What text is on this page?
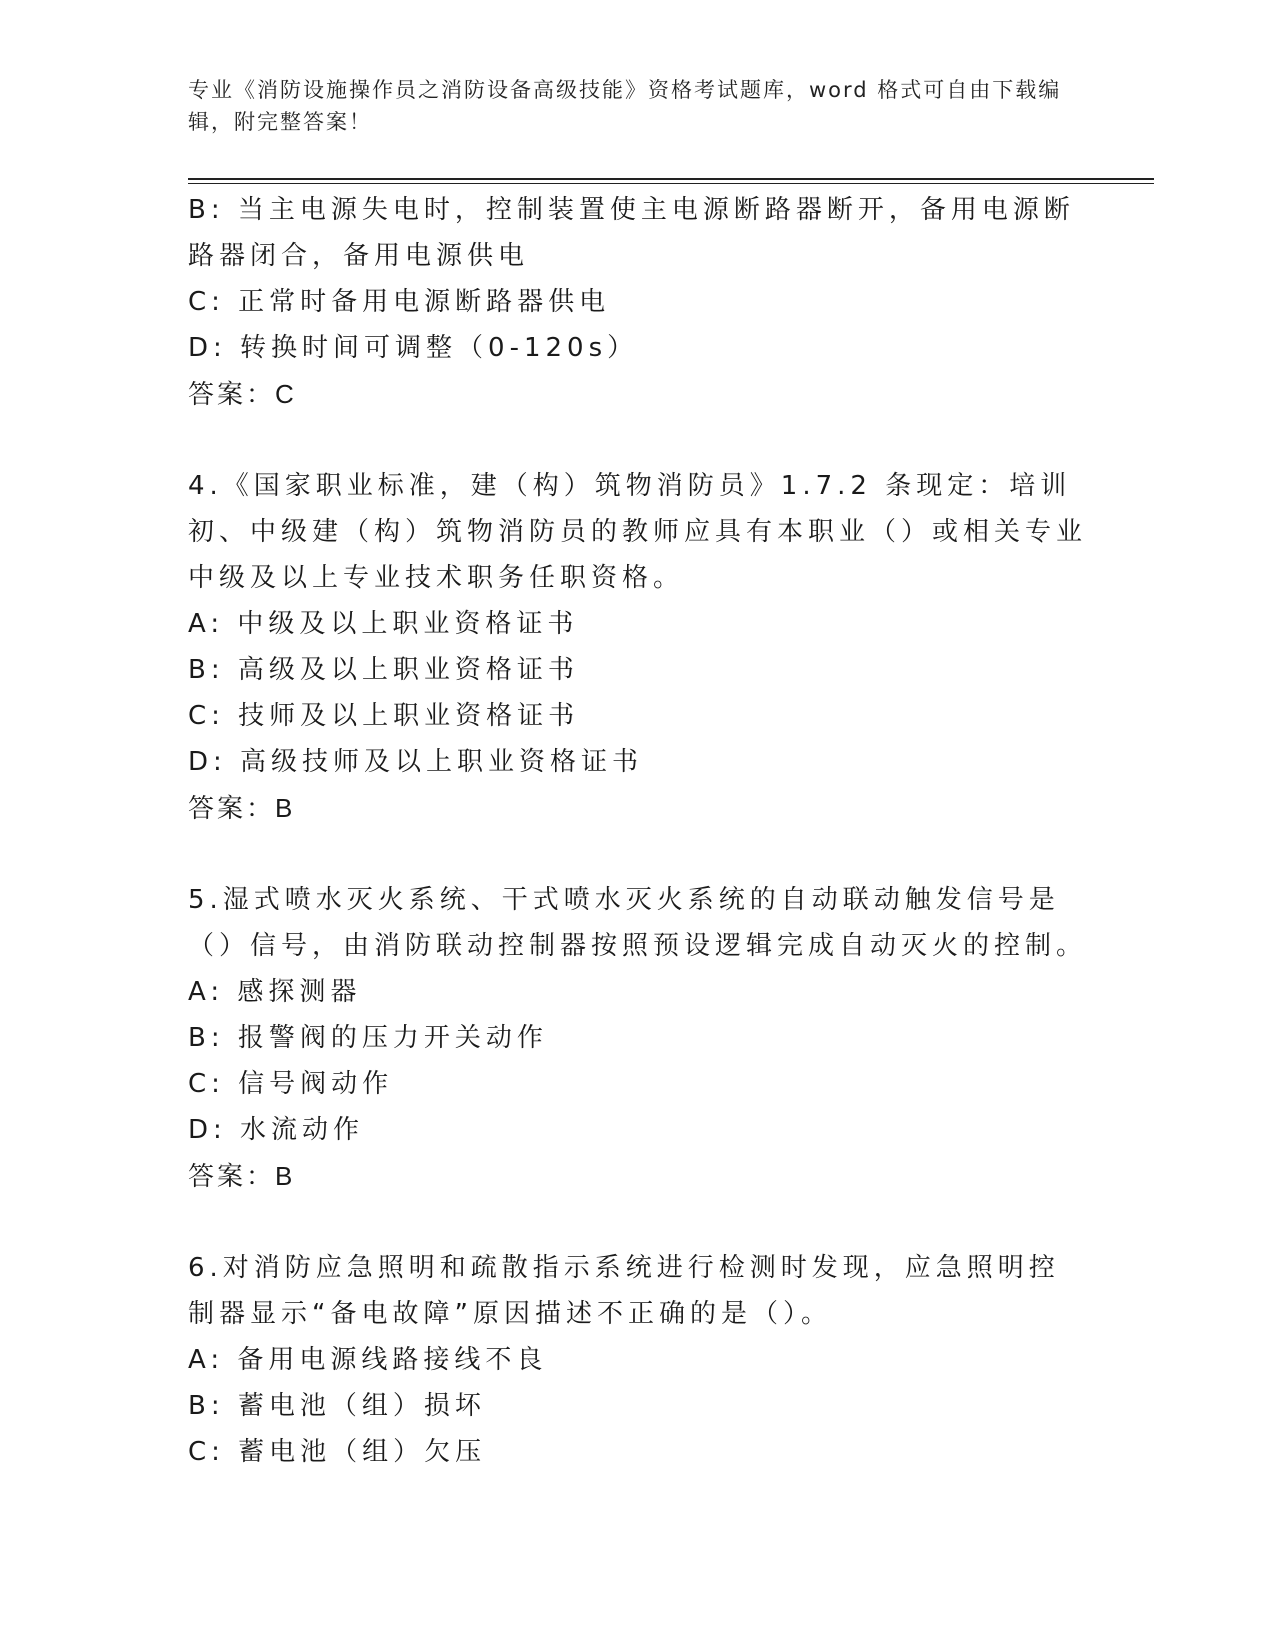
专业《消防设施操作员之消防设备高级技能》资格考试题库，word 格式可自由下载编辑，附完整答案！

B: 当主电源失电时，控制装置使主电源断路器断开，备用电源断路器闭合，备用电源供电

C: 正常时备用电源断路器供电

D: 转换时间可调整（0-120s）

答案：C

4.《国家职业标准，建（构）筑物消防员》1.7.2 条现定：培训初、中级建（构）筑物消防员的教师应具有本职业（）或相关专业中级及以上专业技术职务任职资格。

A: 中级及以上职业资格证书

B: 高级及以上职业资格证书

C: 技师及以上职业资格证书

D: 高级技师及以上职业资格证书

答案：B

5.湿式喷水灭火系统、干式喷水灭火系统的自动联动触发信号是（）信号，由消防联动控制器按照预设逻辑完成自动灭火的控制。

A: 感探测器

B: 报警阀的压力开关动作

C: 信号阀动作

D: 水流动作

答案：B

6.对消防应急照明和疏散指示系统进行检测时发现，应急照明控制器显示“备电故障”原因描述不正确的是（）。

A: 备用电源线路接线不良

B: 蓄电池（组）损坏

C: 蓄电池（组）欠压
